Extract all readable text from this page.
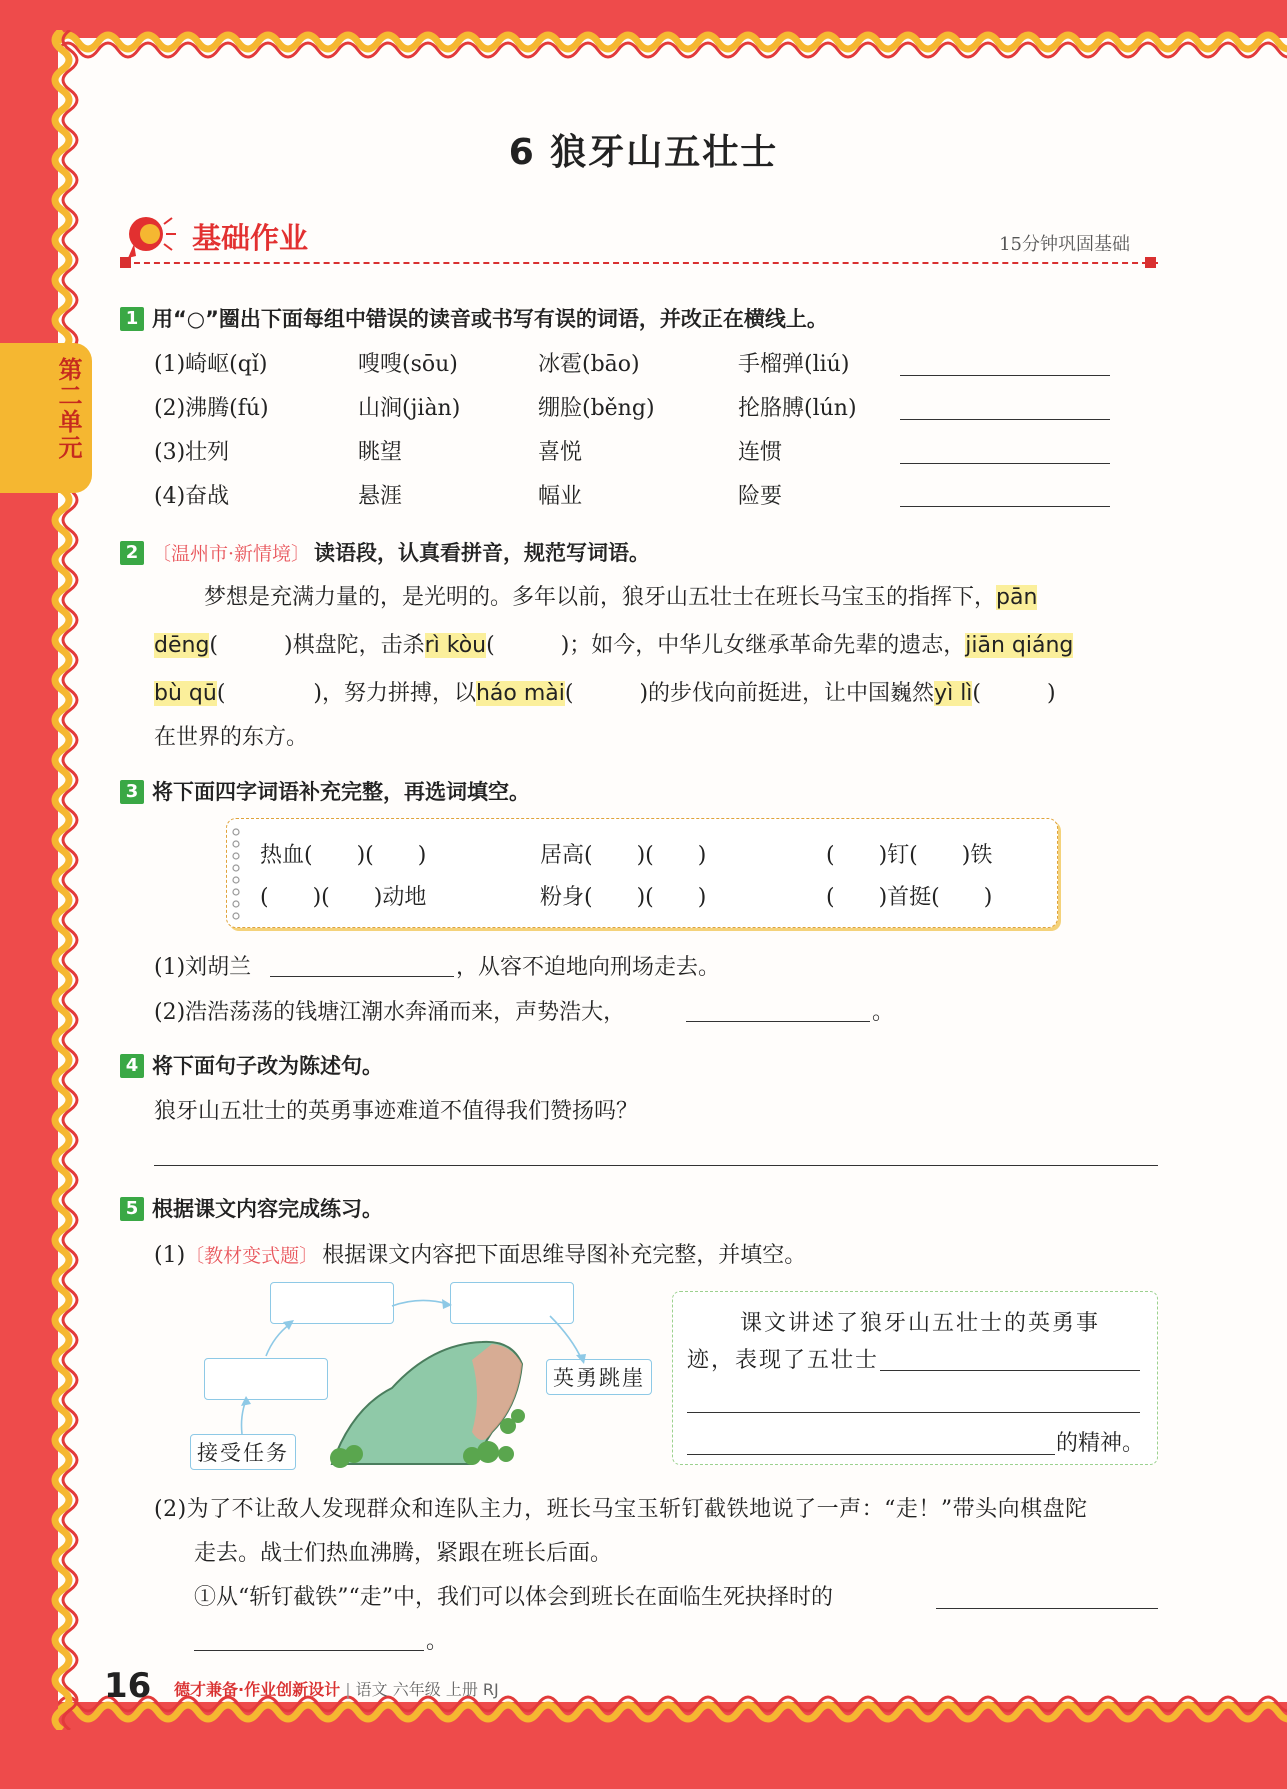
6 狼牙山五壮士
第二单元
基础作业	15分钟巩固基础
1 用“○”圈出下面每组中错误的读音或书写有误的词语，并改正在横线上。
(1)崎岖(qǐ)	嗖嗖(sōu)	冰雹(bāo)	手榴弹(liú)
(2)沸腾(fú)	山涧(jiàn)	绷脸(běng)	抡胳膊(lún)
(3)壮列	眺望	喜悦	连惯
(4)奋战	悬涯	幅业	险要
2 〔温州市·新情境〕 读语段，认真看拼音，规范写词语。
梦想是充满力量的，是光明的。多年以前，狼牙山五壮士在班长马宝玉的指挥下，pān
dēng(　　　)棋盘陀，击杀rì kòu(　　　)；如今，中华儿女继承革命先辈的遗志，jiān qiáng
bù qū(　　　　)，努力拼搏，以háo mài(　　　)的步伐向前挺进，让中国巍然yì lì(　　　)
在世界的东方。
3 将下面四字词语补充完整，再选词填空。
热血(　　)(　　)	居高(　　)(　　)	(　　)钉(　　)铁
(　　)(　　)动地	粉身(　　)(　　)	(　　)首挺(　　)
(1)刘胡兰	，从容不迫地向刑场走去。
(2)浩浩荡荡的钱塘江潮水奔涌而来，声势浩大，	。
4 将下面句子改为陈述句。
狼牙山五壮士的英勇事迹难道不值得我们赞扬吗？
5 根据课文内容完成练习。
(1)〔教材变式题〕 根据课文内容把下面思维导图补充完整，并填空。
接受任务
英勇跳崖
课文讲述了狼牙山五壮士的英勇事
迹，表现了五壮士
的精神。
(2)为了不让敌人发现群众和连队主力，班长马宝玉斩钉截铁地说了一声：“走！”带头向棋盘陀
走去。战士们热血沸腾，紧跟在班长后面。
①从“斩钉截铁”“走”中，我们可以体会到班长在面临生死抉择时的
。
16 德才兼备·作业创新设计 | 语文 六年级 上册 RJ
